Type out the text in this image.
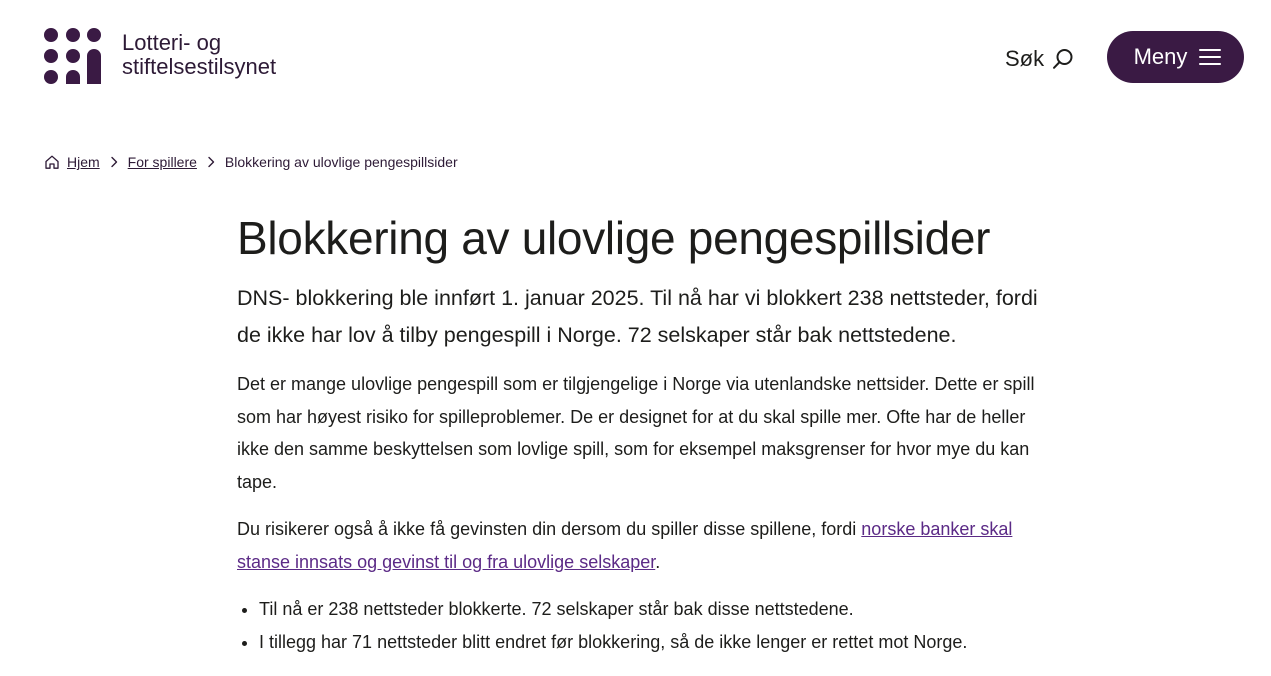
Lotteri- og
stiftelsestilsynet	Søk	Meny
Hjem For spillere Blokkering av ulovlige pengespillsider
Blokkering av ulovlige pengespillsider

DNS- blokkering ble innført 1. januar 2025. Til nå har vi blokkert 238 nettsteder, fordi de ikke har lov å tilby pengespill i Norge. 72 selskaper står bak nettstedene.

Det er mange ulovlige pengespill som er tilgjengelige i Norge via utenlandske nettsider. Dette er spill som har høyest risiko for spilleproblemer. De er designet for at du skal spille mer. Ofte har de heller ikke den samme beskyttelsen som lovlige spill, som for eksempel maksgrenser for hvor mye du kan tape.

Du risikerer også å ikke få gevinsten din dersom du spiller disse spillene, fordi norske banker skal stanse innsats og gevinst til og fra ulovlige selskaper.

• Til nå er 238 nettsteder blokkerte. 72 selskaper står bak disse nettstedene.
• I tillegg har 71 nettsteder blitt endret før blokkering, så de ikke lenger er rettet mot Norge.
